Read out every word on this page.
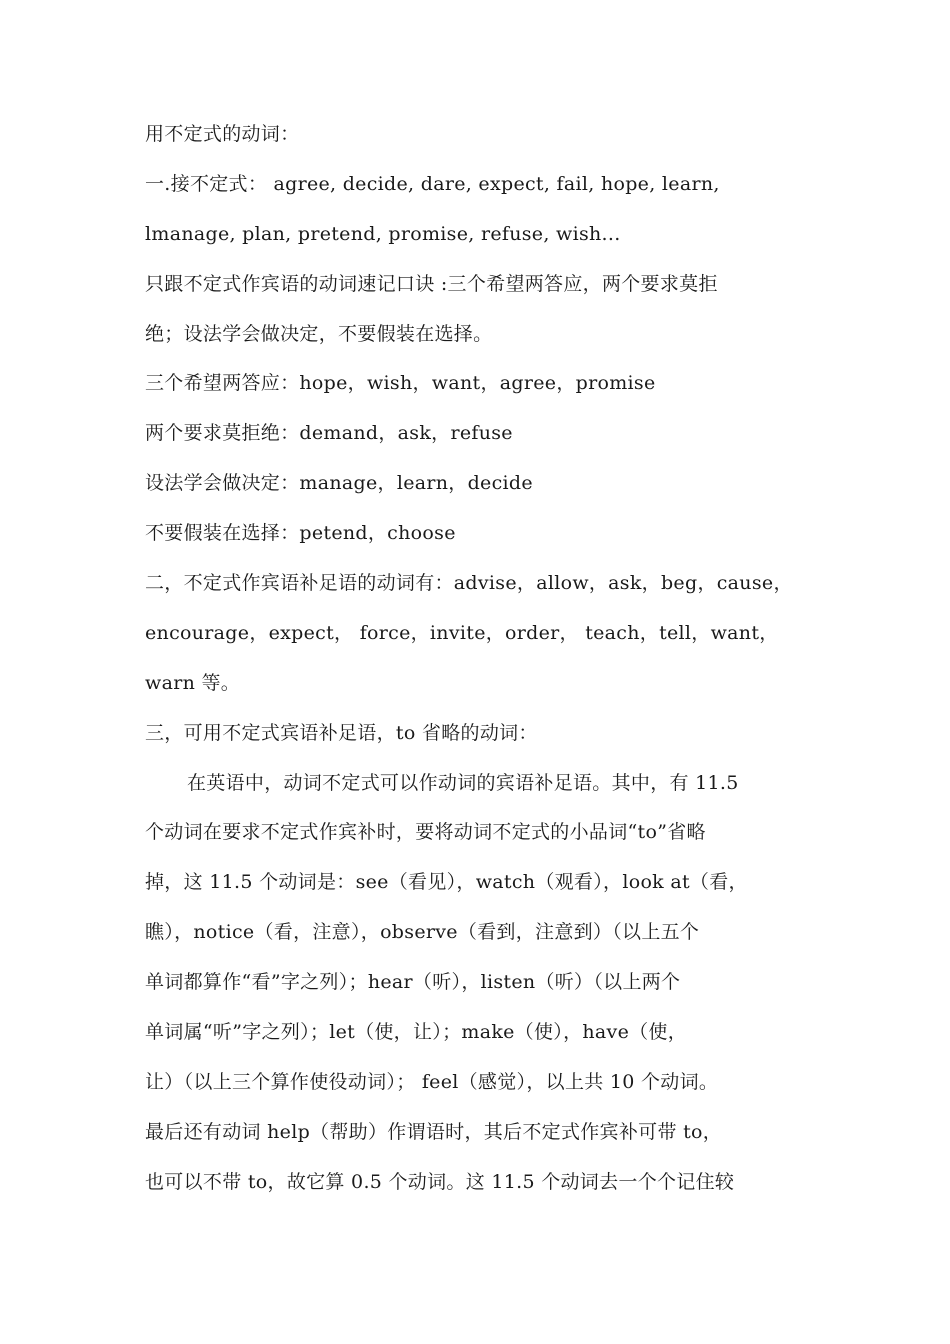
用不定式的动词：
一.接不定式： agree, decide, dare, expect, fail, hope, learn,
lmanage, plan, pretend, promise, refuse, wish...
只跟不定式作宾语的动词速记口诀 :三个希望两答应，两个要求莫拒
绝；设法学会做决定，不要假装在选择。
三个希望两答应：hope，wish，want，agree，promise
两个要求莫拒绝：demand，ask，refuse
设法学会做决定：manage，learn，decide
不要假装在选择：petend，choose
二，不定式作宾语补足语的动词有：advise，allow，ask，beg，cause，
encourage，expect， force，invite，order， teach，tell，want，
warn 等。
三，可用不定式宾语补足语，to 省略的动词：
在英语中，动词不定式可以作动词的宾语补足语。其中，有 11.5
个动词在要求不定式作宾补时，要将动词不定式的小品词“to”省略
掉，这 11.5 个动词是：see（看见），watch（观看），look at（看，
瞧），notice（看，注意），observe（看到，注意到）（以上五个
单词都算作“看”字之列）；hear（听），listen（听）（以上两个
单词属“听”字之列）；let（使，让）；make（使），have（使，
让）（以上三个算作使役动词）； feel（感觉），以上共 10 个动词。
最后还有动词 help（帮助）作谓语时，其后不定式作宾补可带 to，
也可以不带 to，故它算 0.5 个动词。这 11.5 个动词去一个个记住较
